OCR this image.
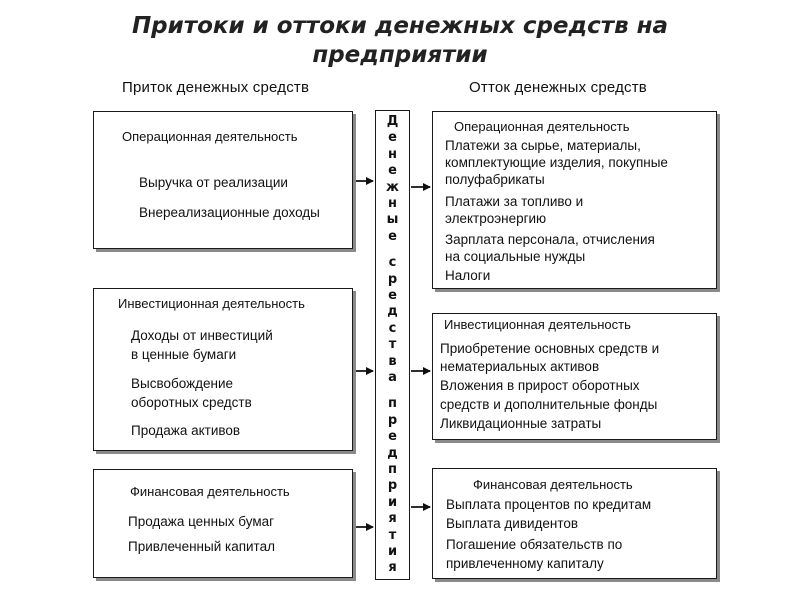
Притоки и оттоки денежных средств на предприятии
Приток денежных средств	Отток денежных средств
Операционная деятельность
Выручка от реализации
Внереализационные доходы
Инвестиционная деятельность
Доходы от инвестиций
в ценные бумаги
Высвобождение
оборотных средств
Продажа активов
Финансовая деятельность
Продажа ценных бумаг
Привлеченный капитал
Д
е
н
е
ж
н
ы
е
с
р
е
д
с
т
в
а
п
р
е
д
п
р
и
я
т
и
я
Операционная деятельность
Платежи за сырье, материалы,
комплектующие изделия, покупные
полуфабрикаты
Платажи за топливо и
электроэнергию
Зарплата персонала, отчисления
на социальные нужды
Налоги
Инвестиционная деятельность
Приобретение основных средств и
нематериальных активов
Вложения в прирост оборотных
средств и дополнительные фонды
Ликвидационные затраты
Финансовая деятельность
Выплата процентов по кредитам
Выплата дивидентов
Погашение обязательств по
привлеченному капиталу
